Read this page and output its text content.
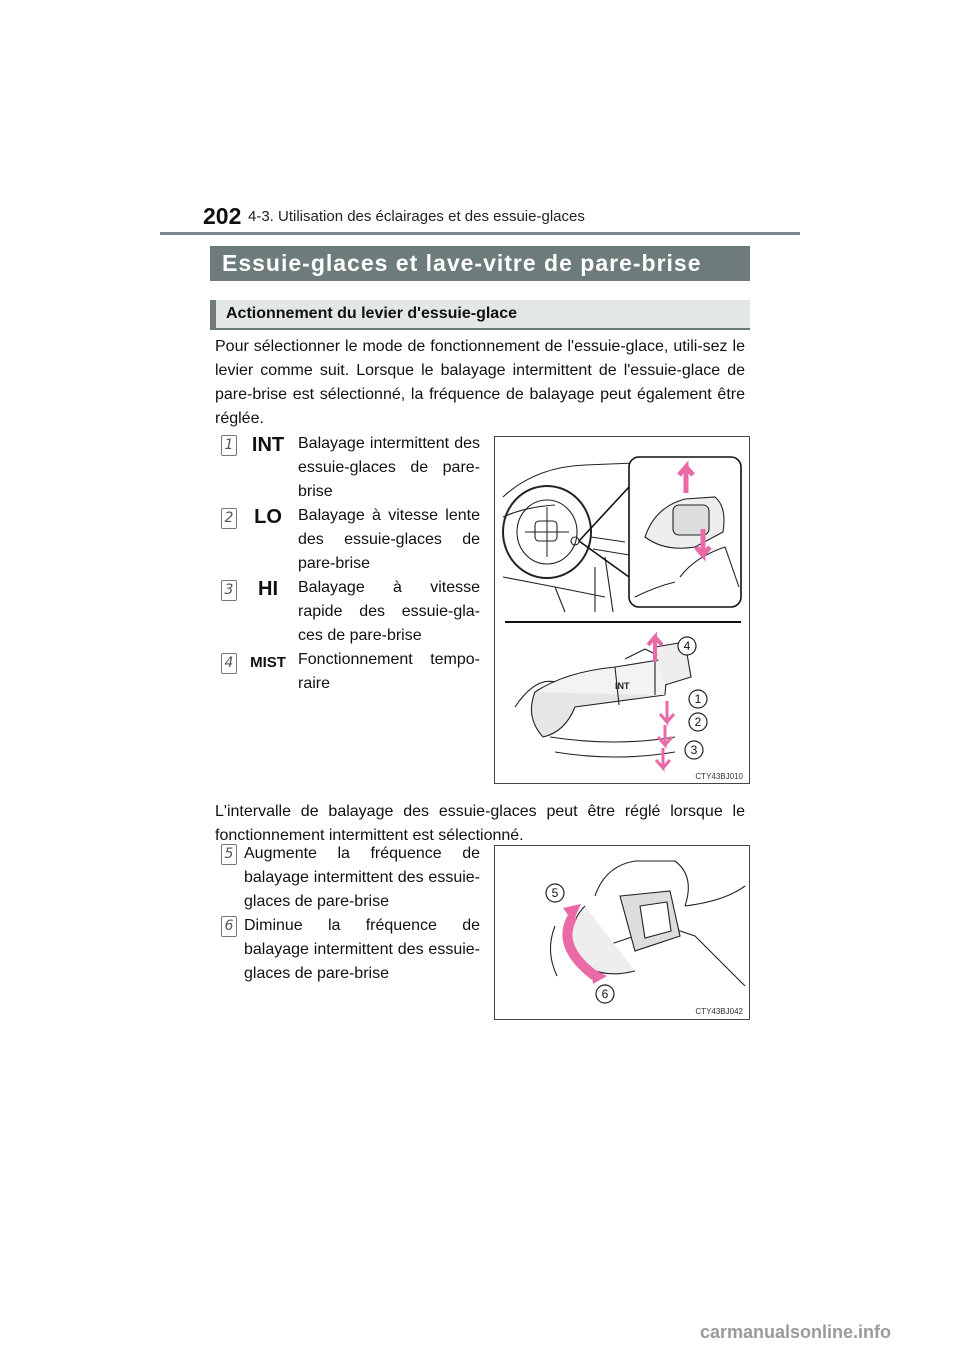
202 4-3. Utilisation des éclairages et des essuie-glaces
Essuie-glaces et lave-vitre de pare-brise
Actionnement du levier d'essuie-glace
Pour sélectionner le mode de fonctionnement de l'essuie-glace, utili-sez le levier comme suit. Lorsque le balayage intermittent de l'essuie-glace de pare-brise est sélectionné, la fréquence de balayage peut également être réglée.
1 INT Balayage intermittent des essuie-glaces de pare-brise
2	LO	Balayage à vitesse lente des essuie-glaces de pare-brise
3	HI	Balayage à vitesse rapide des essuie-gla-ces de pare-brise
4	MIST Fonctionnement tempo-raire	INT
4
1
2
3
CTY43BJ010
L'intervalle de balayage des essuie-glaces peut être réglé lorsque le fonctionnement intermittent est sélectionné.
5 Augmente la fréquence de balayage intermittent des essuie-glaces de pare-brise
6 Diminue la fréquence de balayage intermittent des essuie-glaces de pare-brise
5
6
CTY43BJ042
carmanualsonline.info
